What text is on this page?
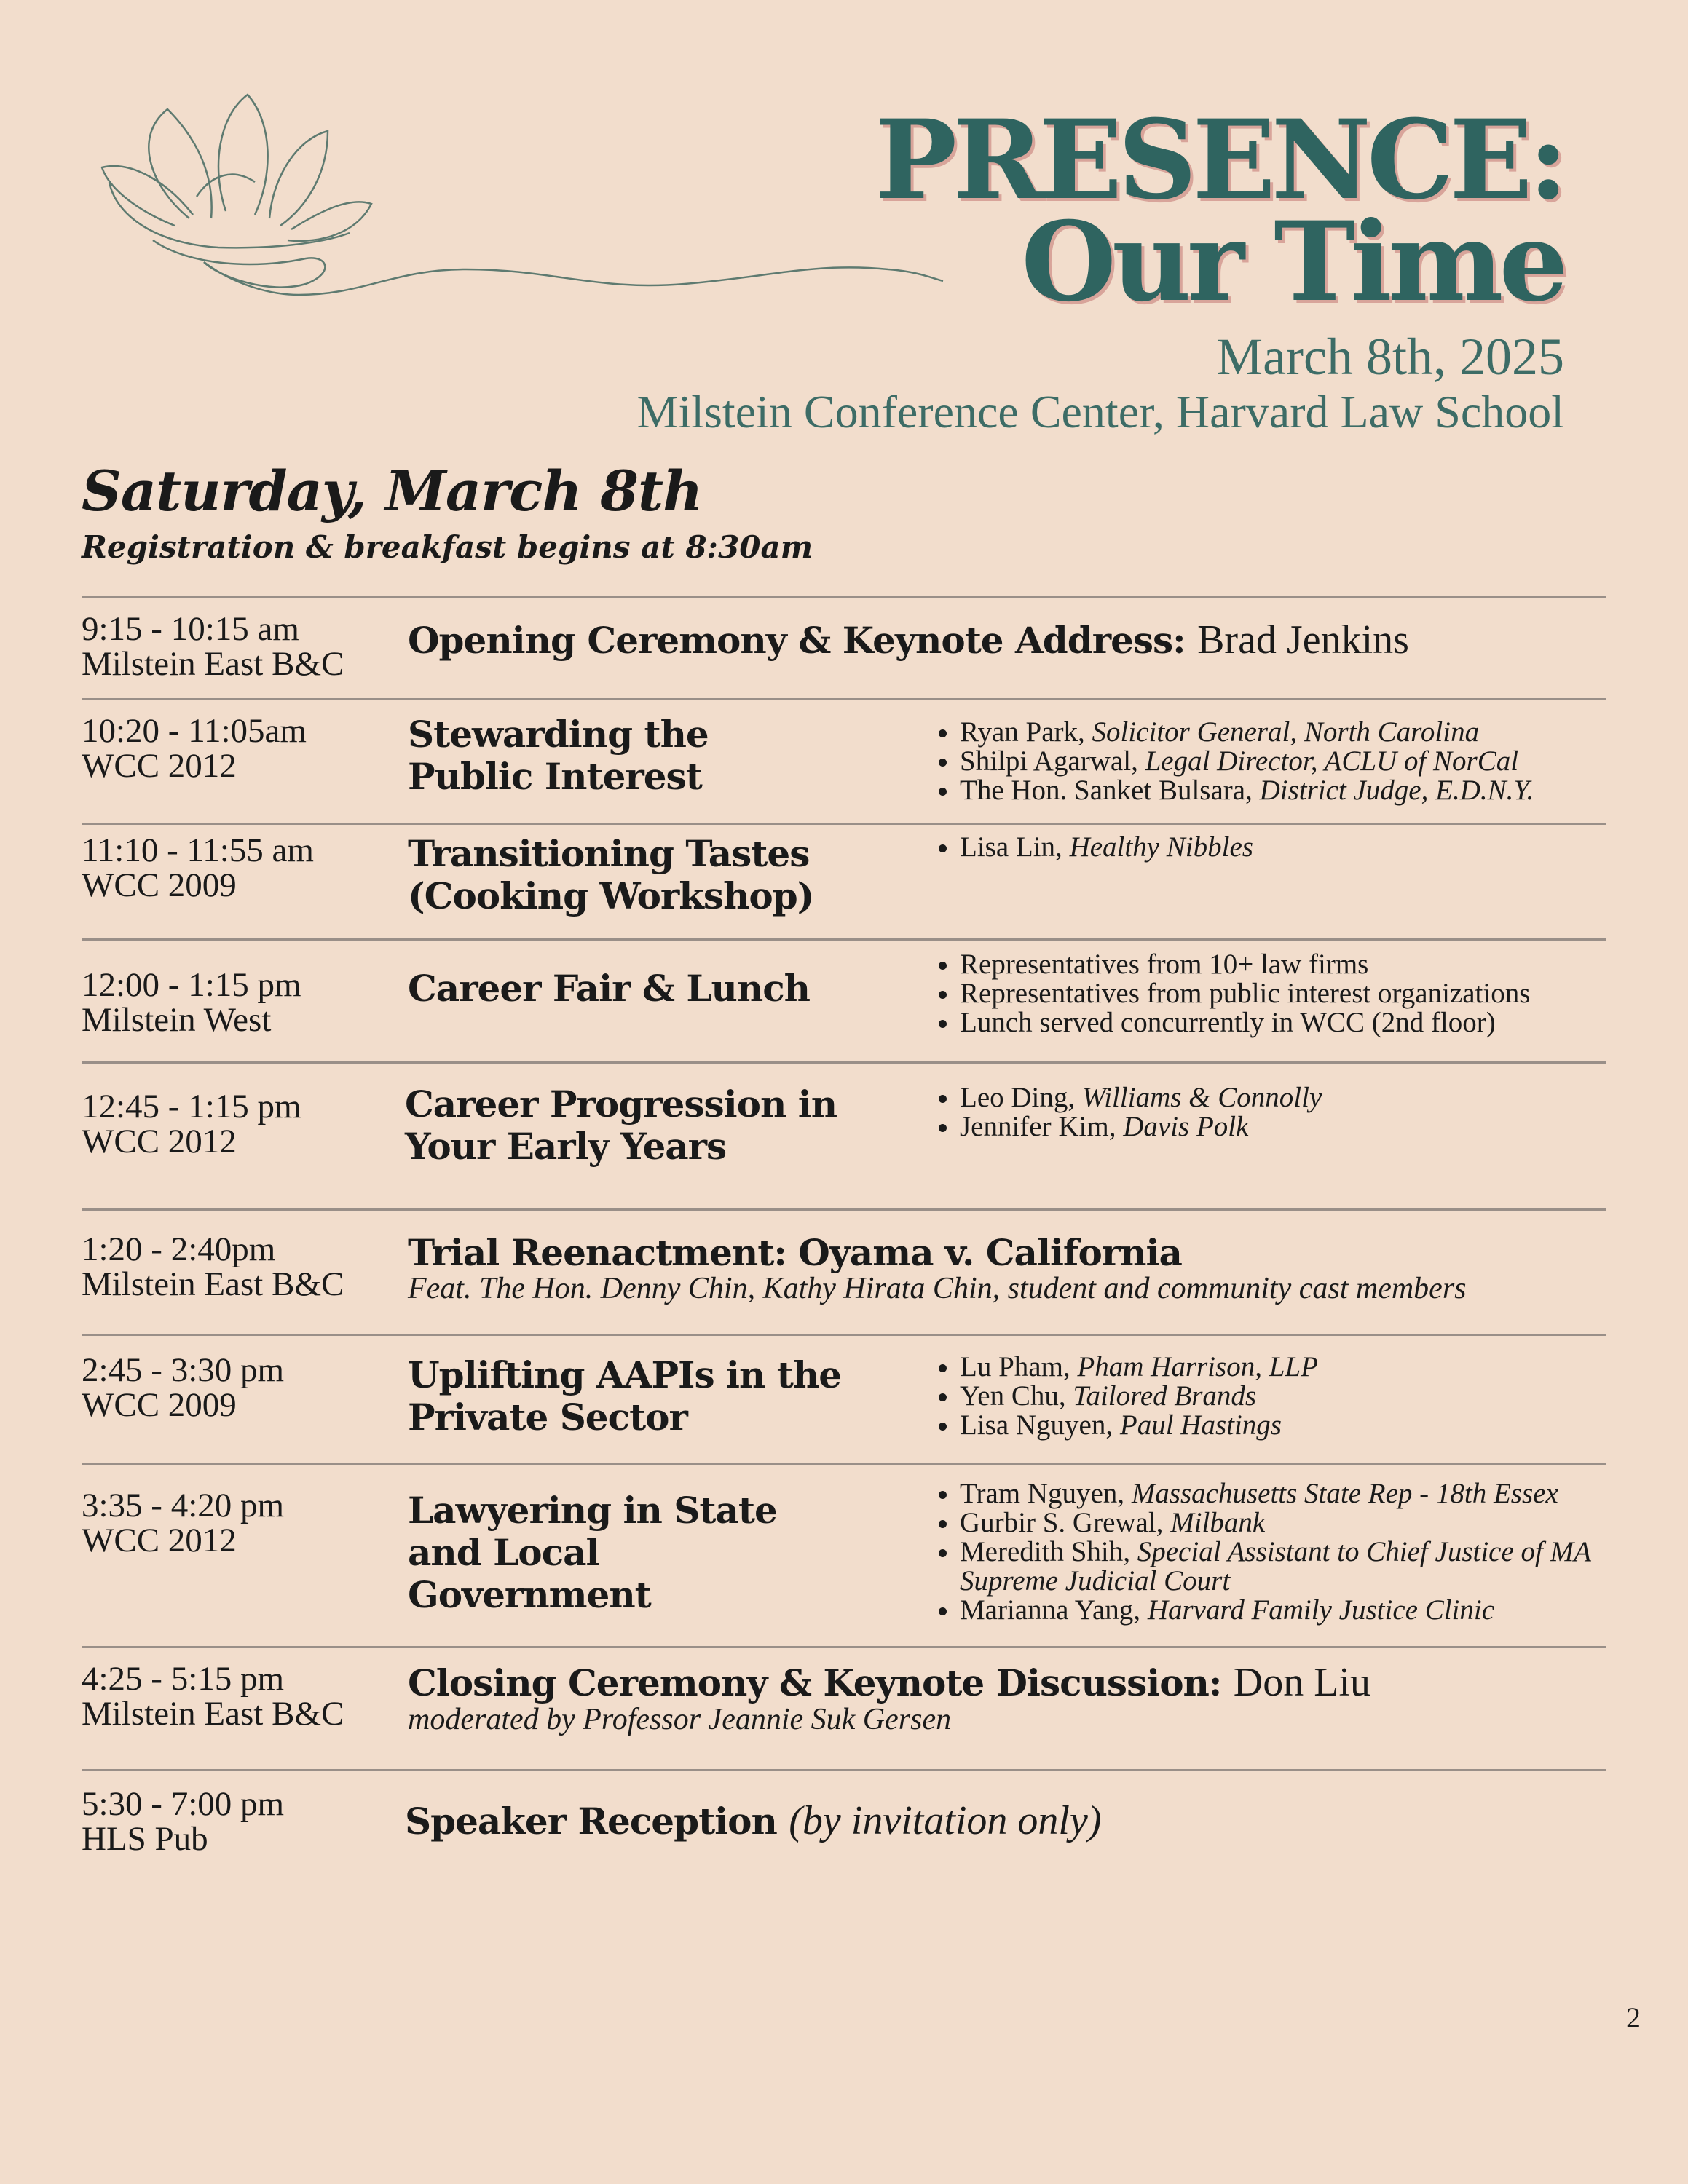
PRESENCE:
Our Time
March 8th, 2025
Milstein Conference Center, Harvard Law School
Saturday, March 8th
Registration & breakfast begins at 8:30am
9:15 - 10:15 am
Milstein East B&C
Opening Ceremony & Keynote Address: Brad Jenkins
10:20 - 11:05am
WCC 2012
Stewarding the
Public Interest
• Ryan Park, Solicitor General, North Carolina
• Shilpi Agarwal, Legal Director, ACLU of NorCal
• The Hon. Sanket Bulsara, District Judge, E.D.N.Y.
11:10 - 11:55 am
WCC 2009
Transitioning Tastes
(Cooking Workshop)
• Lisa Lin, Healthy Nibbles
12:00 - 1:15 pm
Milstein West
Career Fair & Lunch
• Representatives from 10+ law firms
• Representatives from public interest organizations
• Lunch served concurrently in WCC (2nd floor)
12:45 - 1:15 pm
WCC 2012
Career Progression in
Your Early Years
• Leo Ding, Williams & Connolly
• Jennifer Kim, Davis Polk
1:20 - 2:40pm
Milstein East B&C
Trial Reenactment: Oyama v. California
Feat. The Hon. Denny Chin, Kathy Hirata Chin, student and community cast members
2:45 - 3:30 pm
WCC 2009
Uplifting AAPIs in the
Private Sector
• Lu Pham, Pham Harrison, LLP
• Yen Chu, Tailored Brands
• Lisa Nguyen, Paul Hastings
3:35 - 4:20 pm
WCC 2012
Lawyering in State
and Local
Government
• Tram Nguyen, Massachusetts State Rep - 18th Essex
• Gurbir S. Grewal, Milbank
• Meredith Shih, Special Assistant to Chief Justice of MA Supreme Judicial Court
• Marianna Yang, Harvard Family Justice Clinic
4:25 - 5:15 pm
Milstein East B&C
Closing Ceremony & Keynote Discussion: Don Liu
moderated by Professor Jeannie Suk Gersen
5:30 - 7:00 pm
HLS Pub	Speaker Reception (by invitation only)
2
